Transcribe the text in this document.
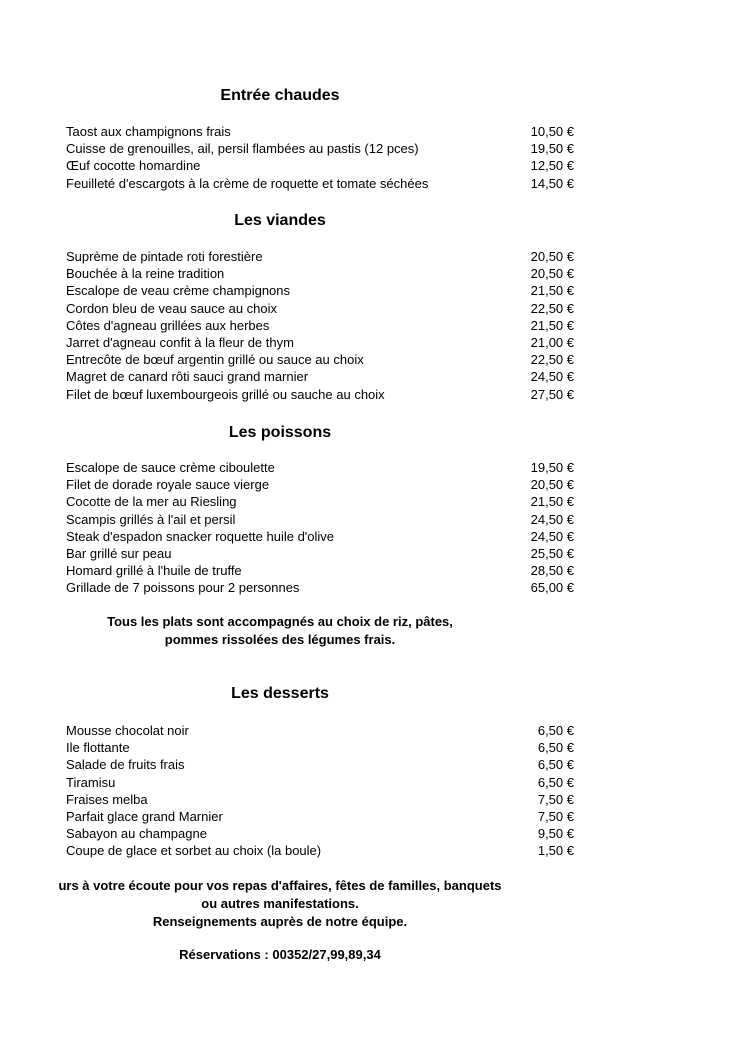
Entrée chaudes
Taost aux champignons frais	10,50 €
Cuisse de grenouilles, ail, persil flambées au pastis (12 pces)	19,50 €
Œuf cocotte homardine	12,50 €
Feuilleté d'escargots à la crème de roquette et tomate séchées	14,50 €
Les viandes
Suprème de pintade roti forestière	20,50 €
Bouchée à la reine tradition	20,50 €
Escalope de veau crème champignons	21,50 €
Cordon bleu de veau sauce au choix	22,50 €
Côtes d'agneau grillées aux herbes	21,50 €
Jarret d'agneau confit à la fleur de thym	21,00 €
Entrecôte de bœuf argentin grillé ou sauce au choix	22,50 €
Magret de canard rôti sauci grand marnier	24,50 €
Filet de bœuf luxembourgeois grillé ou sauche au choix	27,50 €
Les poissons
Escalope de sauce crème ciboulette	19,50 €
Filet de dorade royale sauce vierge	20,50 €
Cocotte de la mer au Riesling	21,50 €
Scampis grillés à l'ail et persil	24,50 €
Steak d'espadon snacker roquette huile d'olive	24,50 €
Bar grillé sur peau	25,50 €
Homard grillé à l'huile de truffe	28,50 €
Grillade de 7 poissons pour 2 personnes	65,00 €
Tous les plats sont accompagnés au choix de riz, pâtes,
pommes rissolées des légumes frais.
Les desserts
Mousse chocolat noir	6,50 €
Ile flottante	6,50 €
Salade de fruits frais	6,50 €
Tiramisu	6,50 €
Fraises melba	7,50 €
Parfait glace grand Marnier	7,50 €
Sabayon au champagne	9,50 €
Coupe de glace et sorbet au choix (la boule)	1,50 €
urs à votre écoute pour vos repas d'affaires, fêtes de familles, banquets
ou autres manifestations.
Renseignements auprès de notre équipe.
Réservations : 00352/27,99,89,34
